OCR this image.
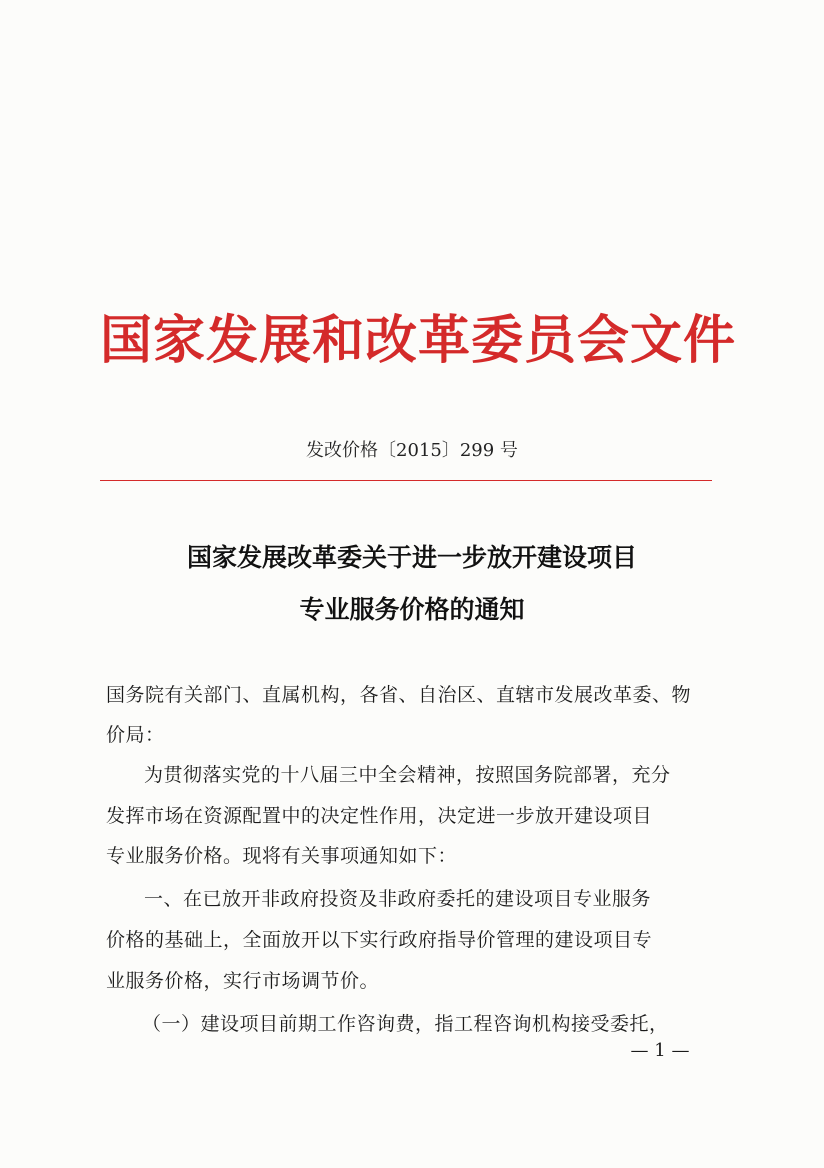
国家发展和改革委员会文件
发改价格〔2015〕299 号
国家发展改革委关于进一步放开建设项目
专业服务价格的通知
国务院有关部门、直属机构，各省、自治区、直辖市发展改革委、物
价局：
为贯彻落实党的十八届三中全会精神，按照国务院部署，充分
发挥市场在资源配置中的决定性作用，决定进一步放开建设项目
专业服务价格。现将有关事项通知如下：
一、在已放开非政府投资及非政府委托的建设项目专业服务
价格的基础上，全面放开以下实行政府指导价管理的建设项目专
业服务价格，实行市场调节价。
（一）建设项目前期工作咨询费，指工程咨询机构接受委托，
— 1 —
